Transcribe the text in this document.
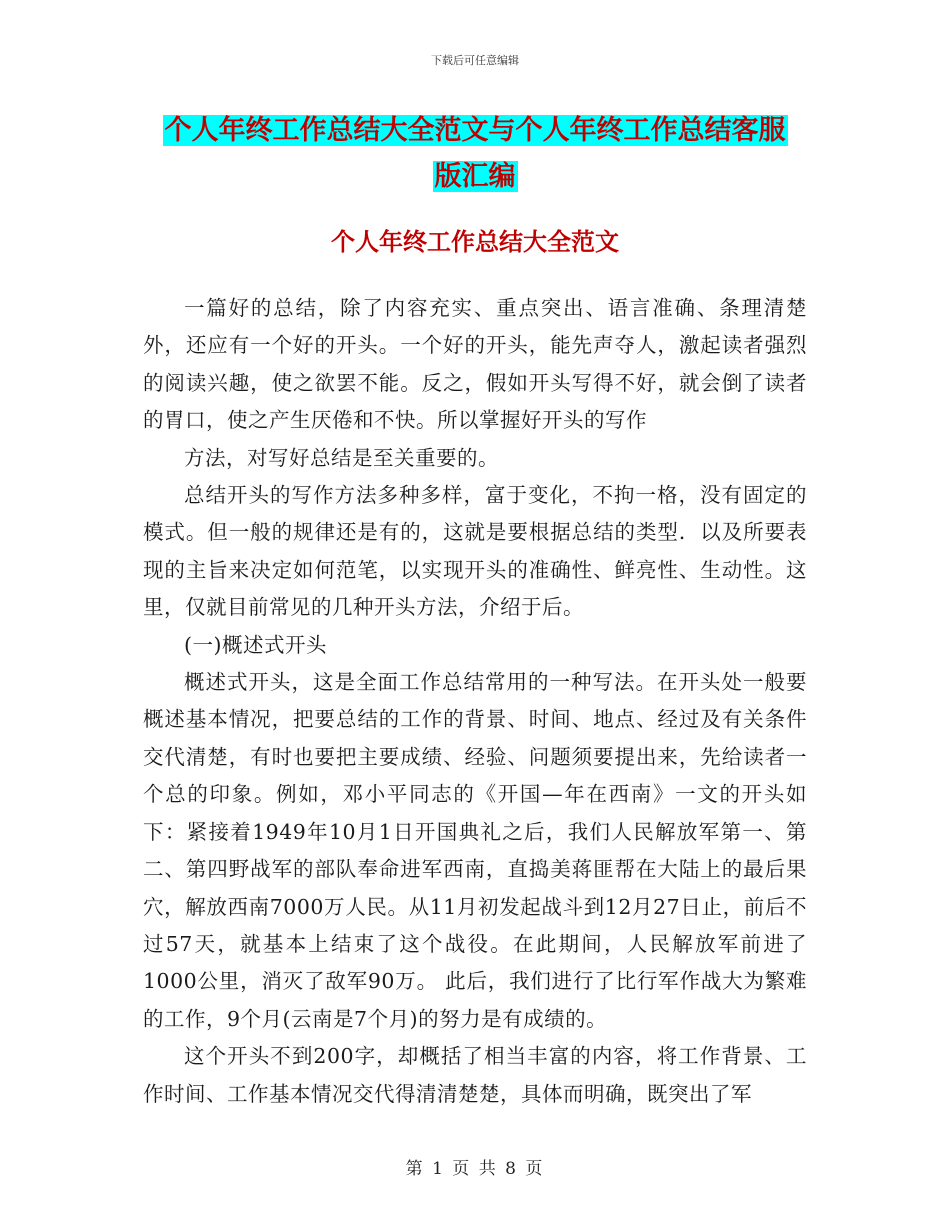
下载后可任意编辑
个人年终工作总结大全范文与个人年终工作总结客服
版汇编
个人年终工作总结大全范文

一篇好的总结，除了内容充实、重点突出、语言准确、条理清楚外，还应有一个好的开头。一个好的开头，能先声夺人，激起读者强烈的阅读兴趣，使之欲罢不能。反之，假如开头写得不好，就会倒了读者的胃口，使之产生厌倦和不快。所以掌握好开头的写作

方法，对写好总结是至关重要的。

总结开头的写作方法多种多样，富于变化，不拘一格，没有固定的模式。但一般的规律还是有的，这就是要根据总结的类型．以及所要表现的主旨来决定如何范笔，以实现开头的准确性、鲜亮性、生动性。这里，仅就目前常见的几种开头方法，介绍于后。

(一)概述式开头

概述式开头，这是全面工作总结常用的一种写法。在开头处一般要概述基本情况，把要总结的工作的背景、时间、地点、经过及有关条件交代清楚，有时也要把主要成绩、经验、问题须要提出来，先给读者一个总的印象。例如，邓小平同志的《开国—年在西南》一文的开头如下：紧接着1949年10月1日开国典礼之后，我们人民解放军第一、第二、第四野战军的部队奉命进军西南，直捣美蒋匪帮在大陆上的最后果穴，解放西南7000万人民。从11月初发起战斗到12月27日止，前后不过57天，就基本上结束了这个战役。在此期间，人民解放军前进了1000公里，消灭了敌军90万。 此后，我们进行了比行军作战大为繁难的工作，9个月(云南是7个月)的努力是有成绩的。

这个开头不到200字，却概括了相当丰富的内容，将工作背景、工作时间、工作基本情况交代得清清楚楚，具体而明确，既突出了军

第 1 页 共 8 页
